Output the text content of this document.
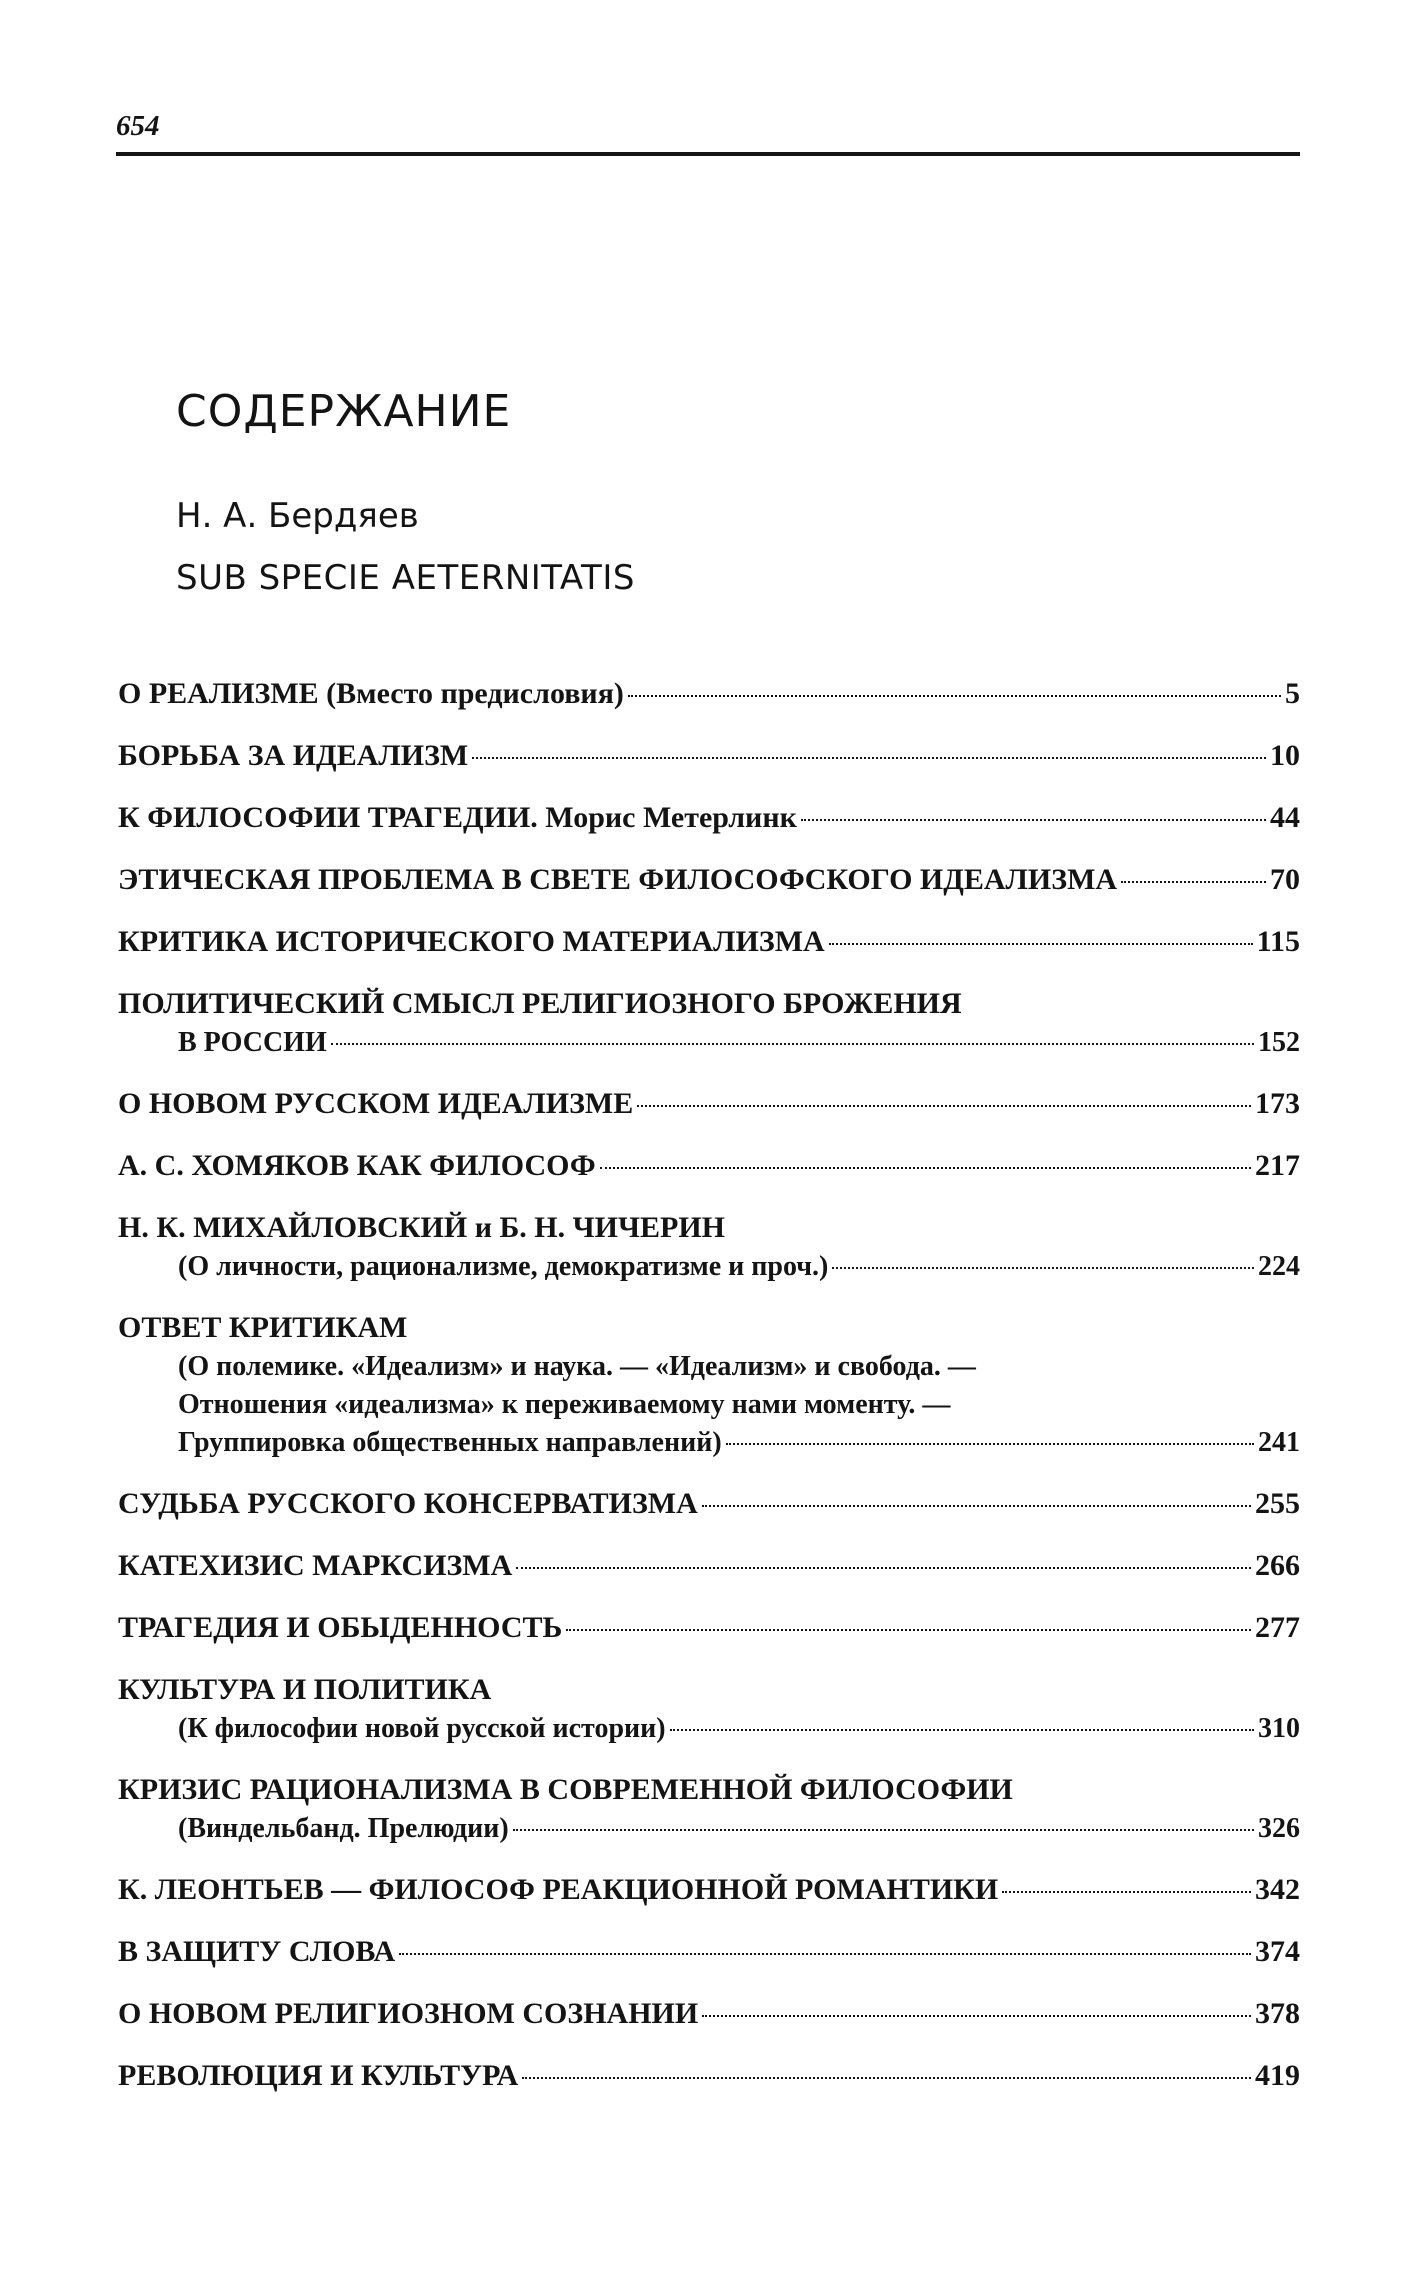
654
СОДЕРЖАНИЕ
Н. А. Бердяев
SUB SPECIE AETERNITATIS
О РЕАЛИЗМЕ (Вместо предисловия)	5
БОРЬБА ЗА ИДЕАЛИЗМ	10
К ФИЛОСОФИИ ТРАГЕДИИ. Морис Метерлинк	44
ЭТИЧЕСКАЯ ПРОБЛЕМА В СВЕТЕ ФИЛОСОФСКОГО ИДЕАЛИЗМА	70
КРИТИКА ИСТОРИЧЕСКОГО МАТЕРИАЛИЗМА	115
ПОЛИТИЧЕСКИЙ СМЫСЛ РЕЛИГИОЗНОГО БРОЖЕНИЯ
В РОССИИ	152
О НОВОМ РУССКОМ ИДЕАЛИЗМЕ	173
А. С. ХОМЯКОВ КАК ФИЛОСОФ	217
Н. К. МИХАЙЛОВСКИЙ и Б. Н. ЧИЧЕРИН
(О личности, рационализме, демократизме и проч.)	224
ОТВЕТ КРИТИКАМ
(О полемике. «Идеализм» и наука. — «Идеализм» и свобода. —
Отношения «идеализма» к переживаемому нами моменту. —
Группировка общественных направлений)	241
СУДЬБА РУССКОГО КОНСЕРВАТИЗМА	255
КАТЕХИЗИС МАРКСИЗМА	266
ТРАГЕДИЯ И ОБЫДЕННОСТЬ	277
КУЛЬТУРА И ПОЛИТИКА
(К философии новой русской истории)	310
КРИЗИС РАЦИОНАЛИЗМА В СОВРЕМЕННОЙ ФИЛОСОФИИ
(Виндельбанд. Прелюдии)	326
К. ЛЕОНТЬЕВ — ФИЛОСОФ РЕАКЦИОННОЙ РОМАНТИКИ	342
В ЗАЩИТУ СЛОВА	374
О НОВОМ РЕЛИГИОЗНОМ СОЗНАНИИ	378
РЕВОЛЮЦИЯ И КУЛЬТУРА	419
